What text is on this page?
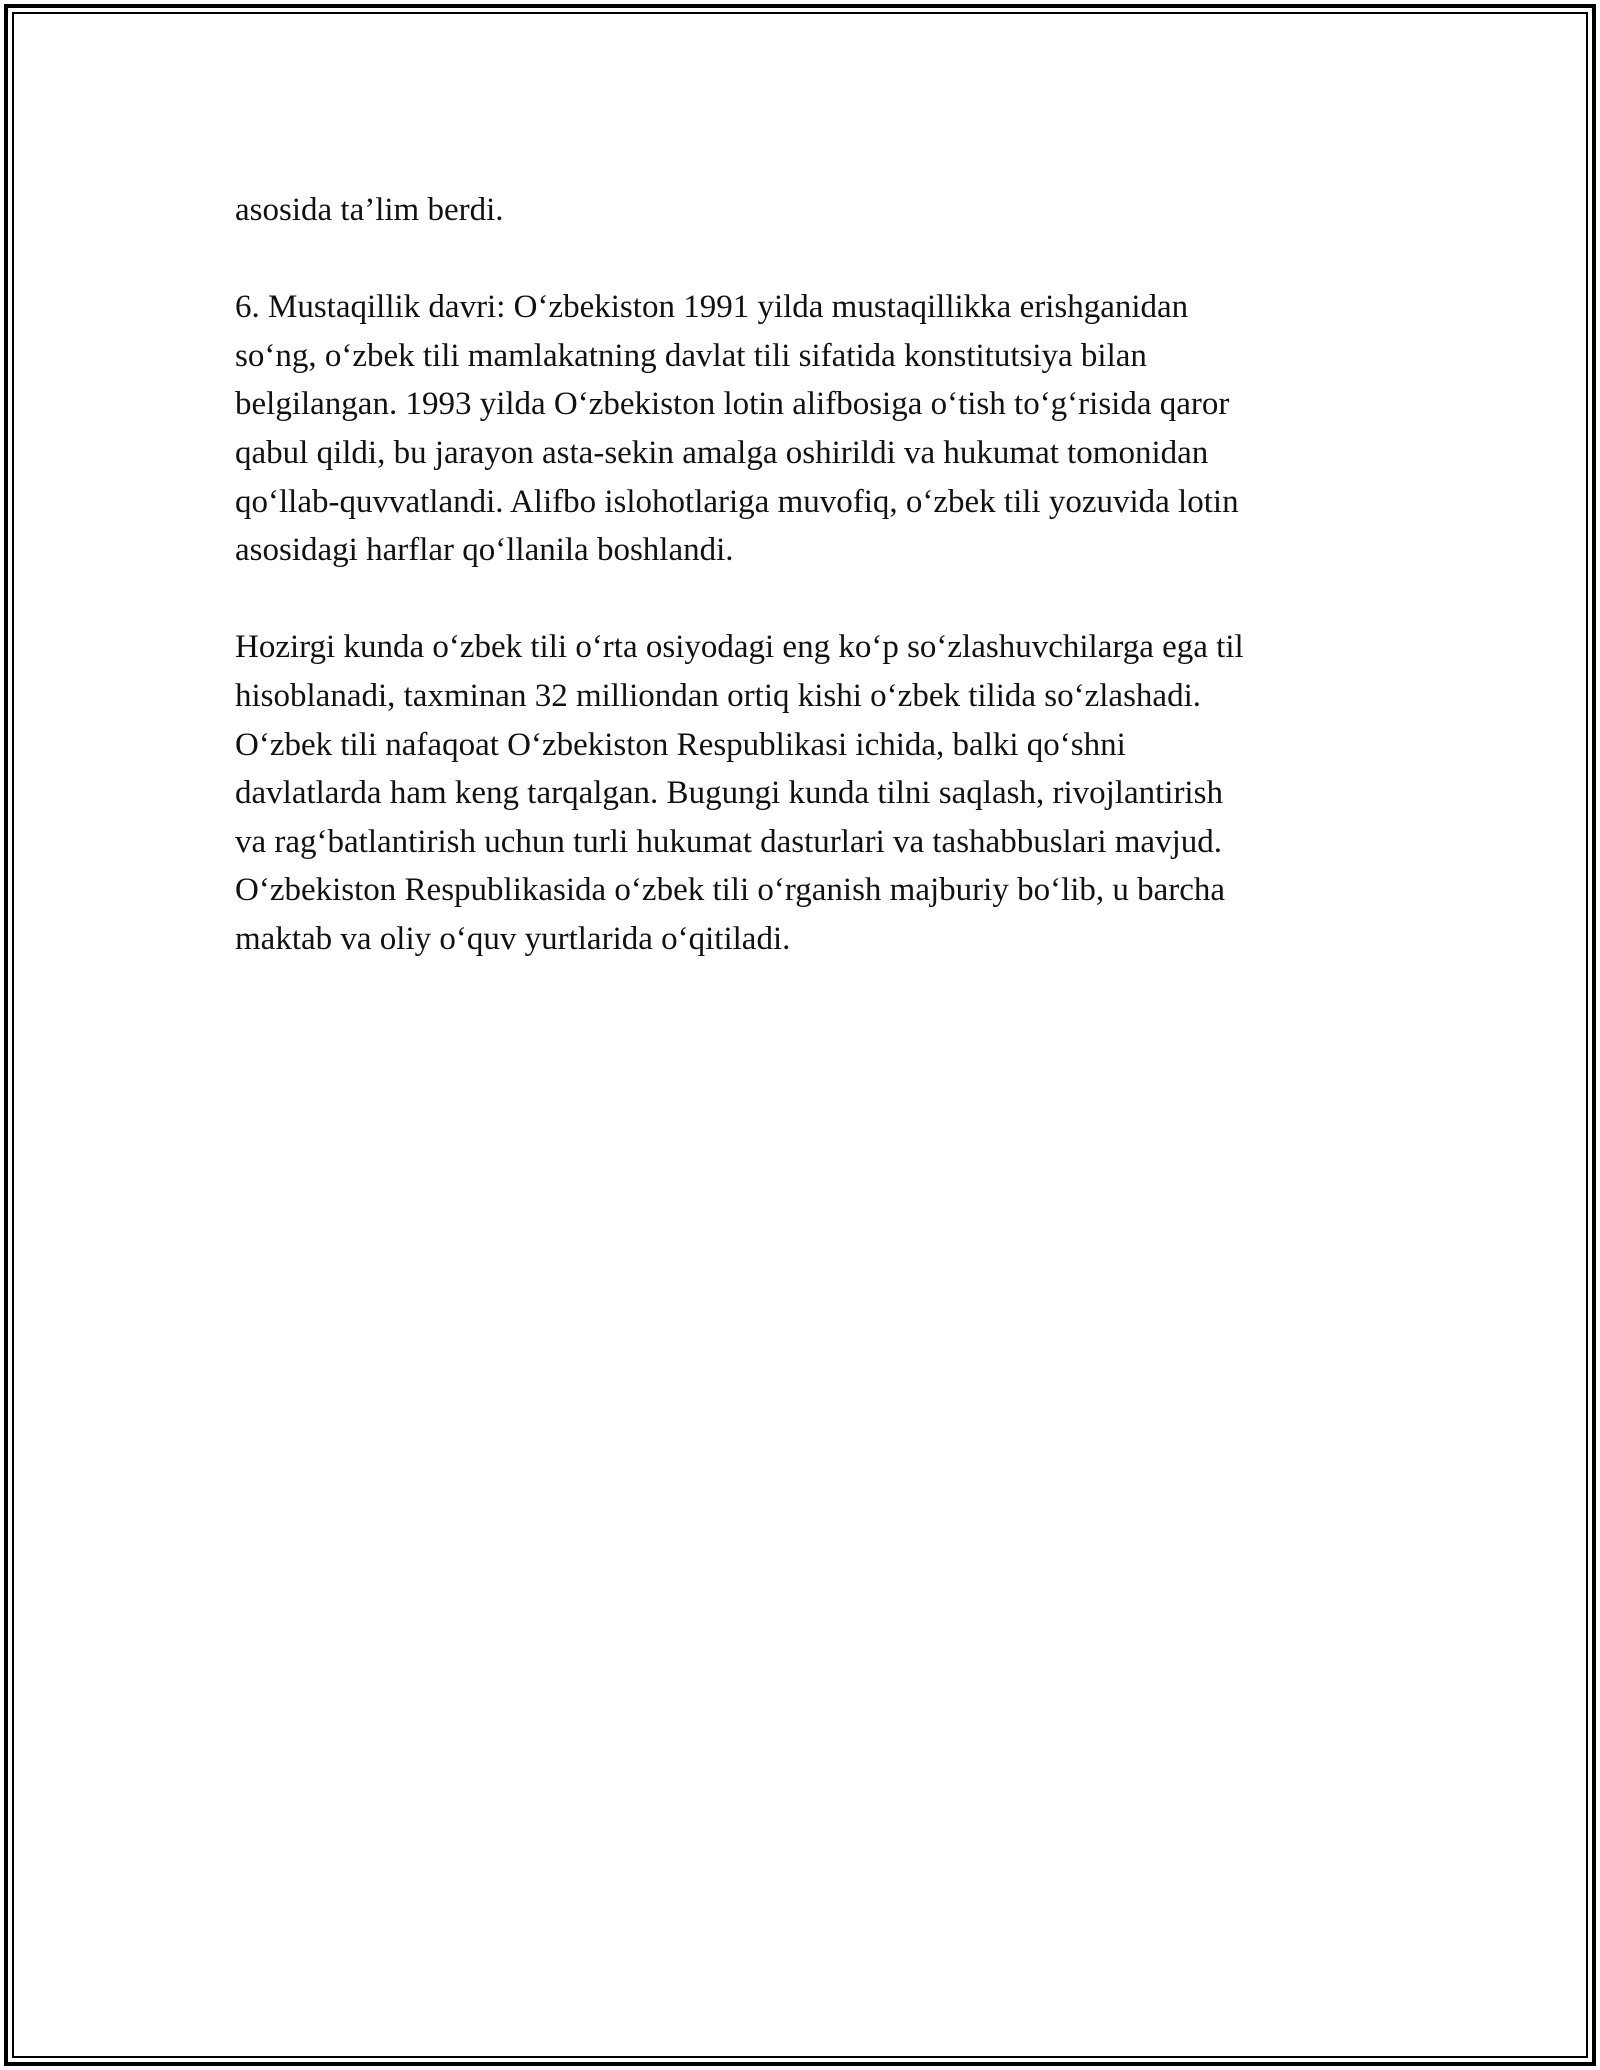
asosida ta’lim berdi.

6. Mustaqillik davri: O‘zbekiston 1991 yilda mustaqillikka erishganidan
so‘ng, o‘zbek tili mamlakatning davlat tili sifatida konstitutsiya bilan
belgilangan. 1993 yilda O‘zbekiston lotin alifbosiga o‘tish to‘g‘risida qaror
qabul qildi, bu jarayon asta-sekin amalga oshirildi va hukumat tomonidan
qo‘llab-quvvatlandi. Alifbo islohotlariga muvofiq, o‘zbek tili yozuvida lotin
asosidagi harflar qo‘llanila boshlandi.

Hozirgi kunda o‘zbek tili o‘rta osiyodagi eng ko‘p so‘zlashuvchilarga ega til
hisoblanadi, taxminan 32 milliondan ortiq kishi o‘zbek tilida so‘zlashadi.
O‘zbek tili nafaqoat O‘zbekiston Respublikasi ichida, balki qo‘shni
davlatlarda ham keng tarqalgan. Bugungi kunda tilni saqlash, rivojlantirish
va rag‘batlantirish uchun turli hukumat dasturlari va tashabbuslari mavjud.
O‘zbekiston Respublikasida o‘zbek tili o‘rganish majburiy bo‘lib, u barcha
maktab va oliy o‘quv yurtlarida o‘qitiladi.
